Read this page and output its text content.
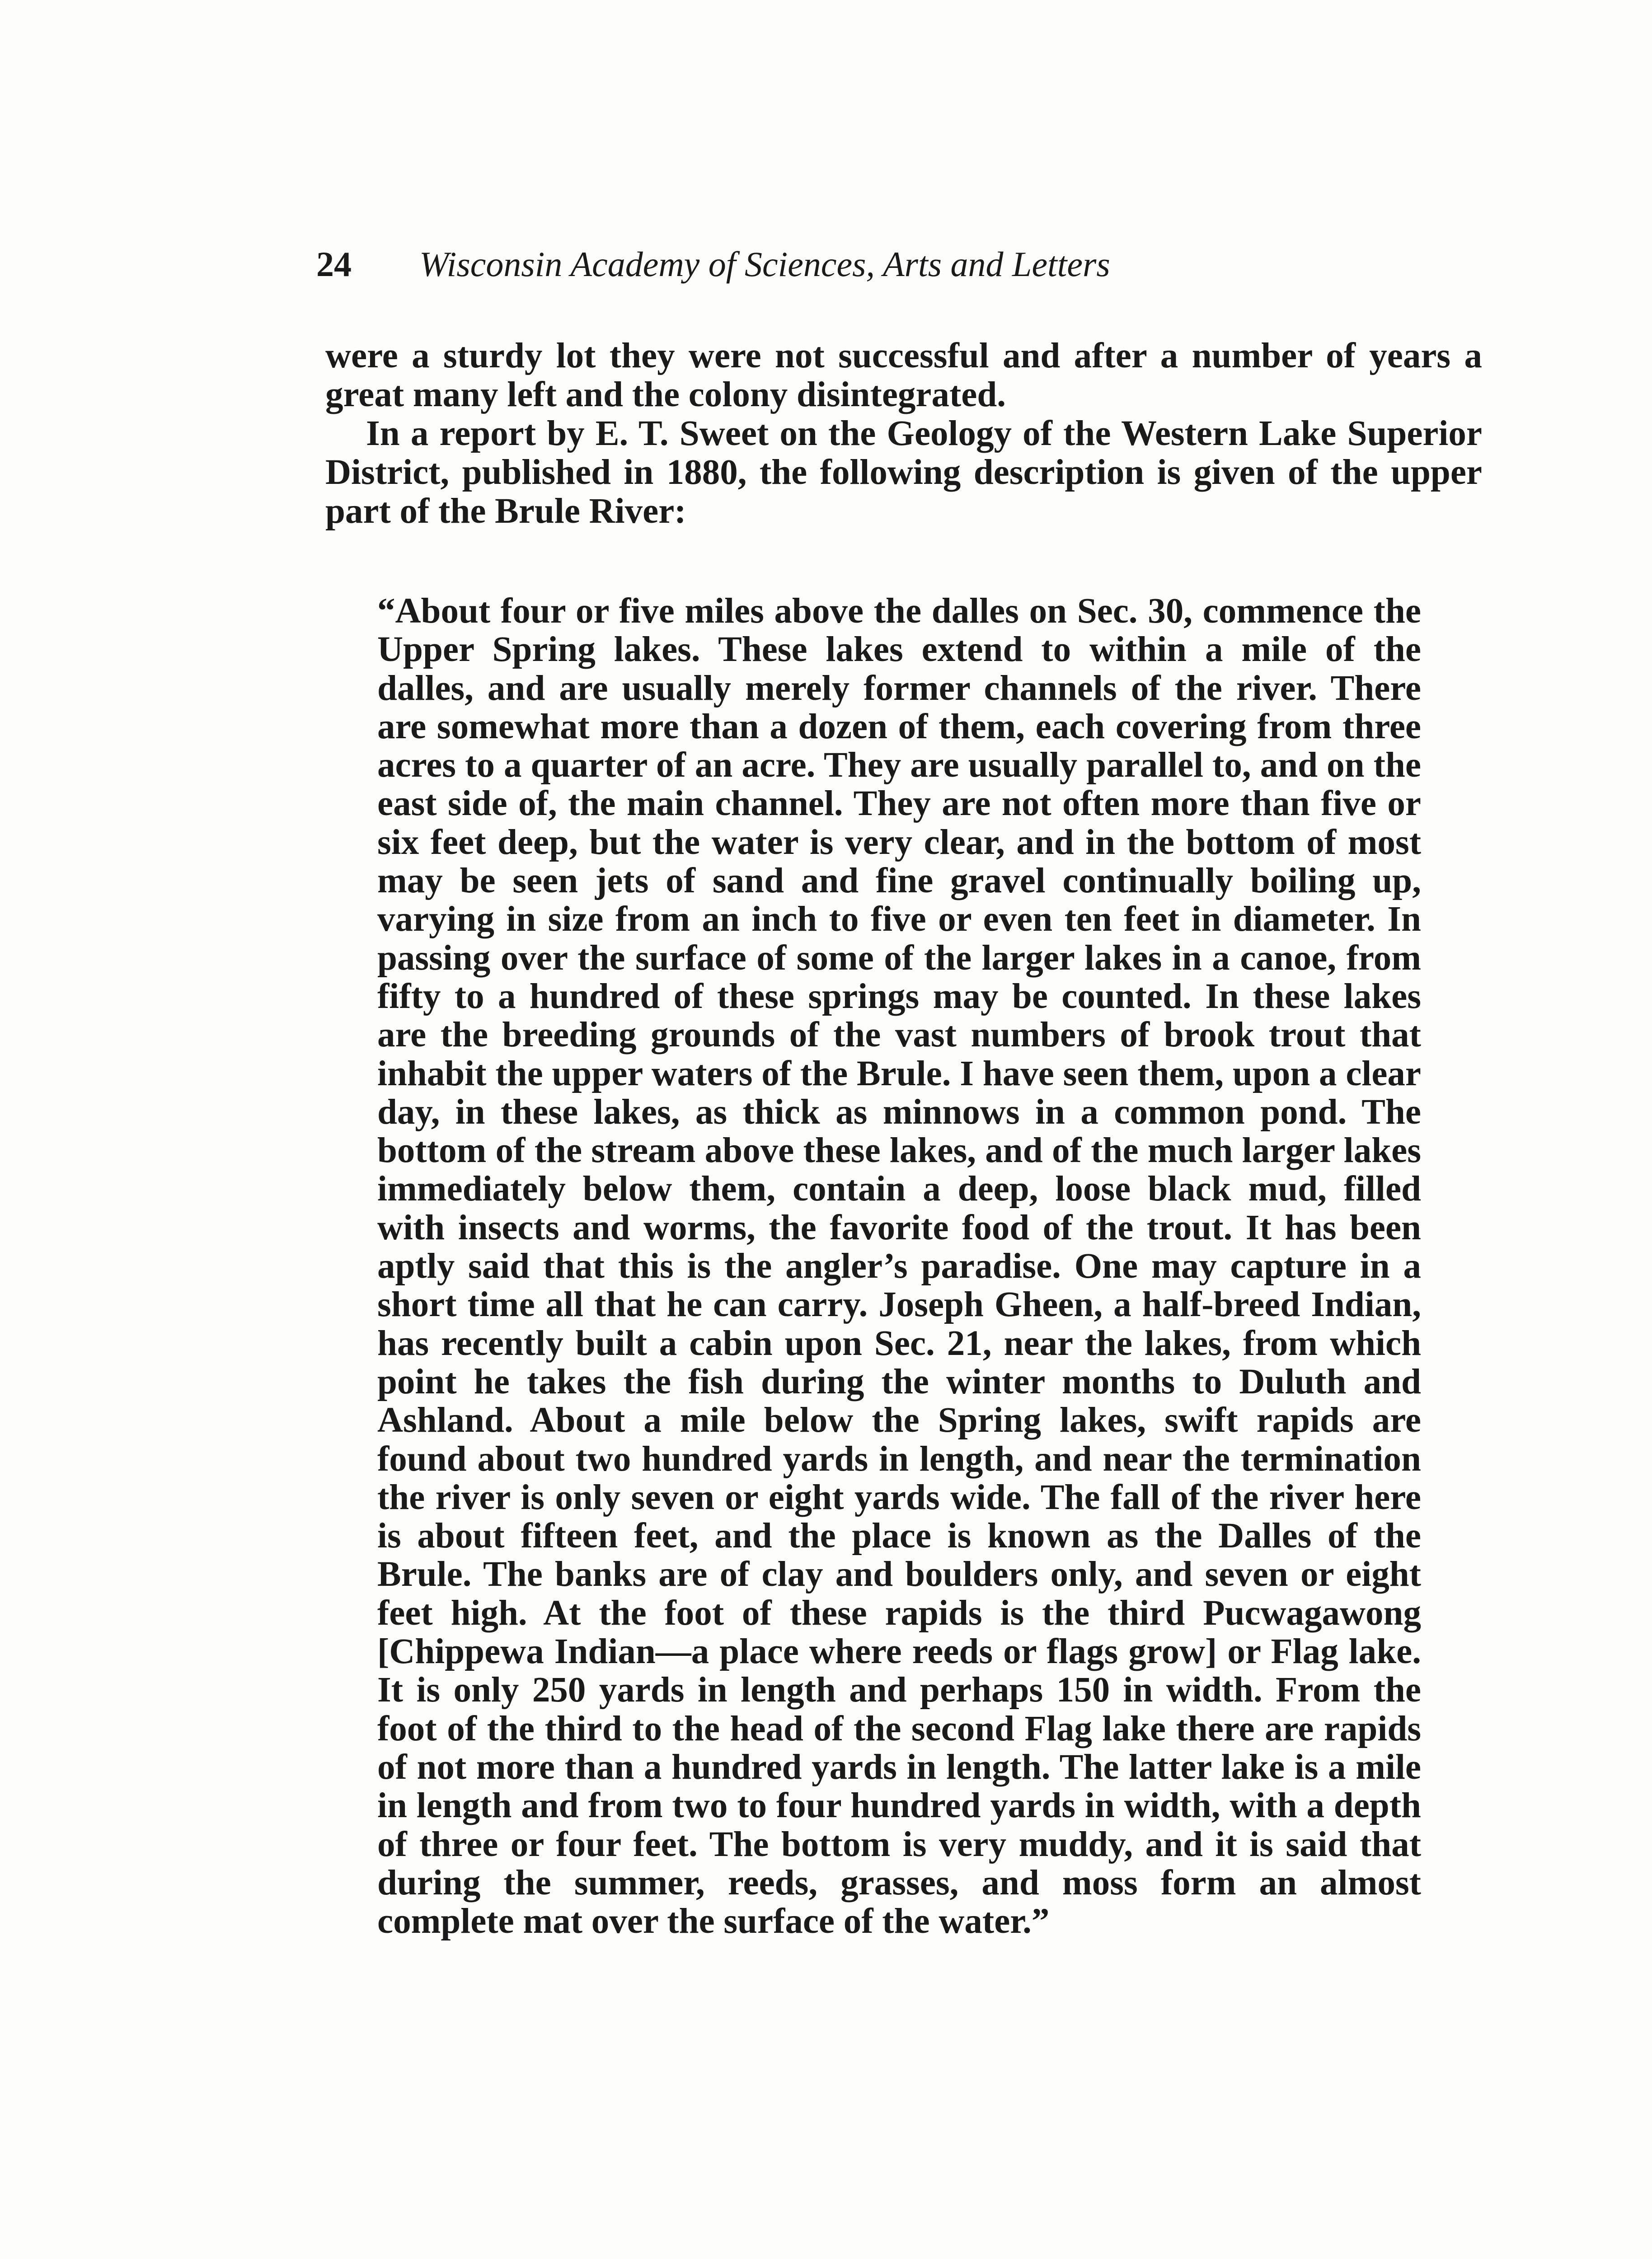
24 Wisconsin Academy of Sciences, Arts and Letters

were a sturdy lot they were not successful and after a number of years a great many left and the colony disintegrated.

In a report by E. T. Sweet on the Geology of the Western Lake Superior District, published in 1880, the following description is given of the upper part of the Brule River:

“About four or five miles above the dalles on Sec. 30, commence the Upper Spring lakes. These lakes extend to within a mile of the dalles, and are usually merely former channels of the river. There are somewhat more than a dozen of them, each covering from three acres to a quarter of an acre. They are usually parallel to, and on the east side of, the main channel. They are not often more than five or six feet deep, but the water is very clear, and in the bottom of most may be seen jets of sand and fine gravel continually boiling up, varying in size from an inch to five or even ten feet in diameter. In passing over the surface of some of the larger lakes in a canoe, from fifty to a hundred of these springs may be counted. In these lakes are the breeding grounds of the vast numbers of brook trout that inhabit the upper waters of the Brule. I have seen them, upon a clear day, in these lakes, as thick as minnows in a common pond. The bottom of the stream above these lakes, and of the much larger lakes immediately below them, contain a deep, loose black mud, filled with insects and worms, the favorite food of the trout. It has been aptly said that this is the angler’s paradise. One may capture in a short time all that he can carry. Joseph Gheen, a half-breed Indian, has recently built a cabin upon Sec. 21, near the lakes, from which point he takes the fish during the winter months to Duluth and Ashland. About a mile below the Spring lakes, swift rapids are found about two hundred yards in length, and near the termination the river is only seven or eight yards wide. The fall of the river here is about fifteen feet, and the place is known as the Dalles of the Brule. The banks are of clay and boulders only, and seven or eight feet high. At the foot of these rapids is the third Pucwagawong [Chippewa Indian—a place where reeds or flags grow] or Flag lake. It is only 250 yards in length and perhaps 150 in width. From the foot of the third to the head of the second Flag lake there are rapids of not more than a hundred yards in length. The latter lake is a mile in length and from two to four hundred yards in width, with a depth of three or four feet. The bottom is very muddy, and it is said that during the summer, reeds, grasses, and moss form an almost complete mat over the surface of the water.”
